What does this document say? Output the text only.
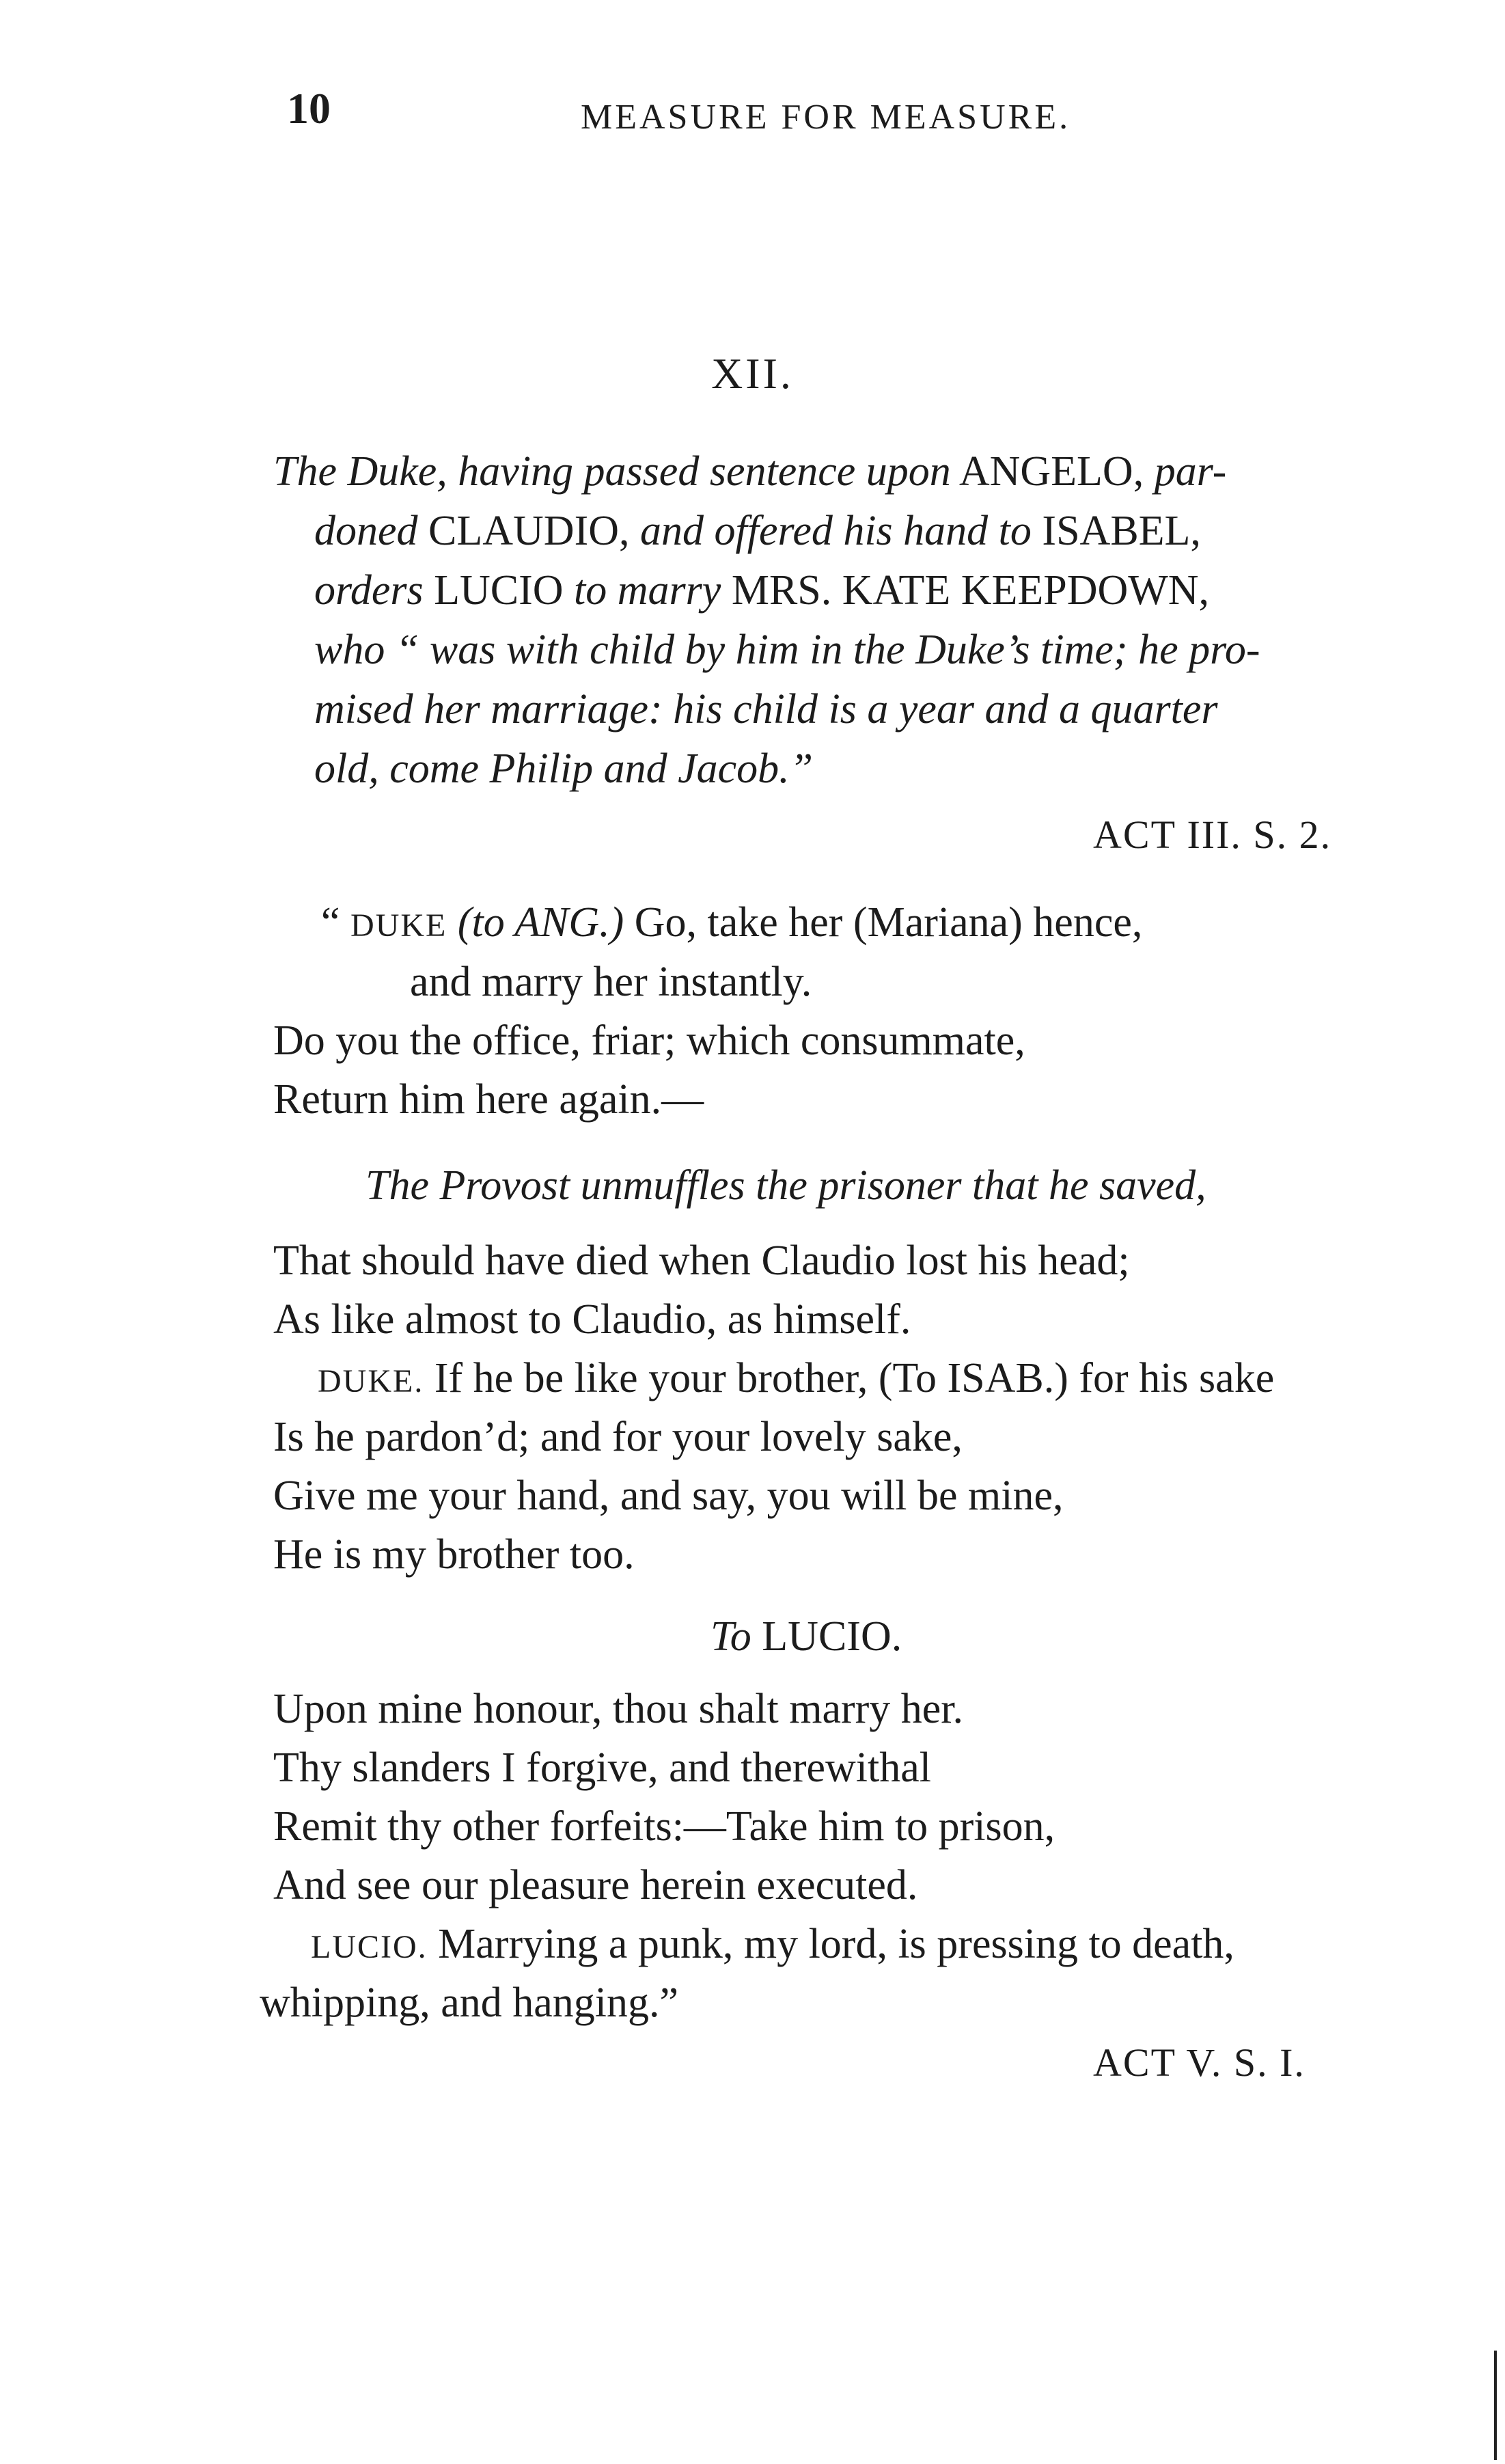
10	MEASURE FOR MEASURE.
XII.
The Duke, having passed sentence upon ANGELO, par-
doned CLAUDIO, and offered his hand to ISABEL,
orders LUCIO to marry MRS. KATE KEEPDOWN,
who “ was with child by him in the Duke’s time; he pro-
mised her marriage: his child is a year and a quarter
old, come Philip and Jacob.”
ACT III. S. 2.
“ DUKE (to ANG.) Go, take her (Mariana) hence,
and marry her instantly.
Do you the office, friar; which consummate,
Return him here again.—
The Provost unmuffles the prisoner that he saved,
That should have died when Claudio lost his head;
As like almost to Claudio, as himself.
DUKE. If he be like your brother, (To ISAB.) for his sake
Is he pardon’d; and for your lovely sake,
Give me your hand, and say, you will be mine,
He is my brother too.
To LUCIO.
Upon mine honour, thou shalt marry her.
Thy slanders I forgive, and therewithal
Remit thy other forfeits:—Take him to prison,
And see our pleasure herein executed.
LUCIO. Marrying a punk, my lord, is pressing to death,
whipping, and hanging.”
ACT V. S. I.
